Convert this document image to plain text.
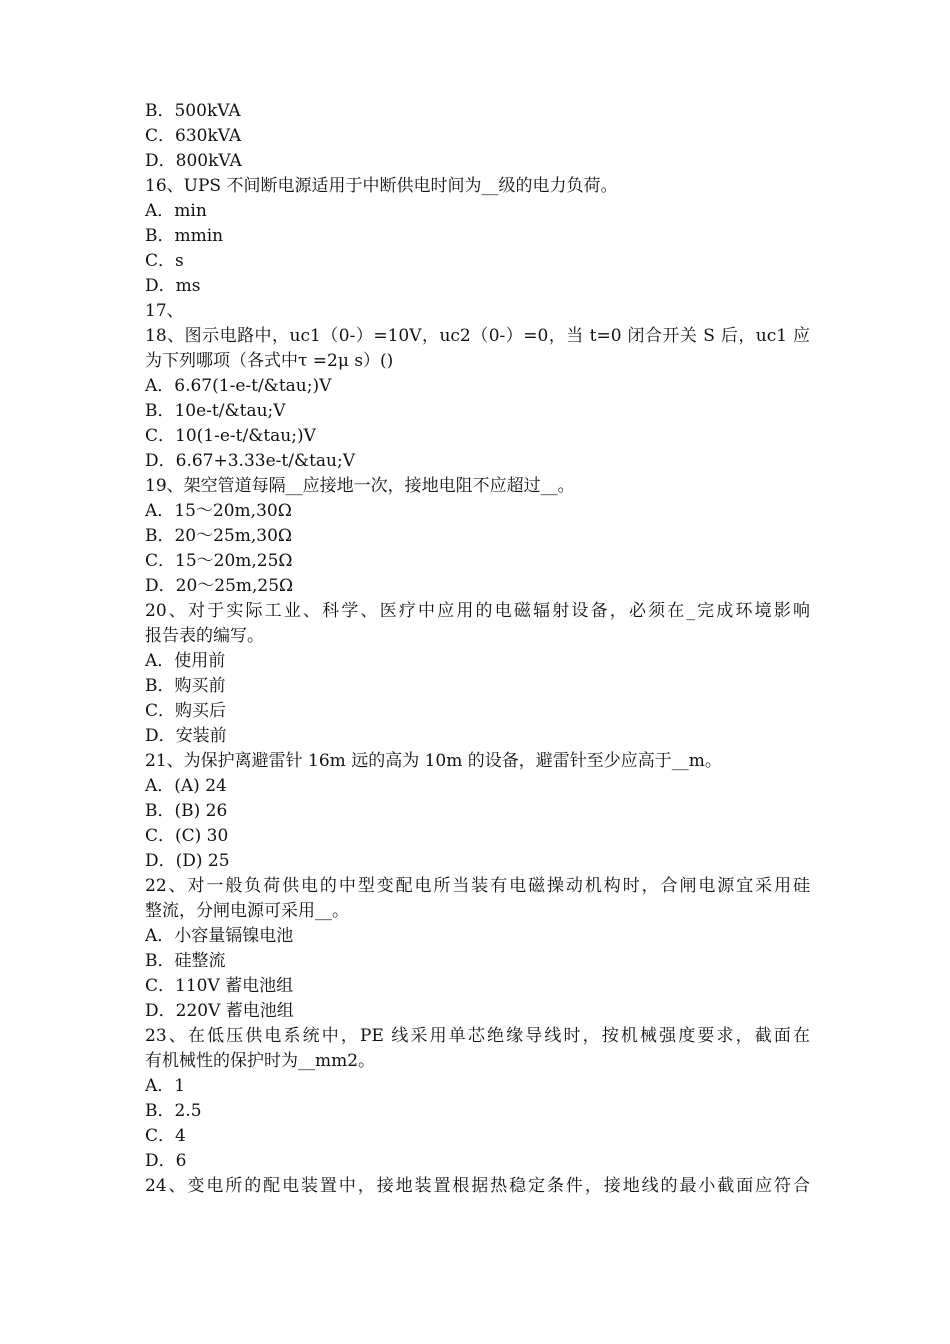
B．500kVA
C．630kVA
D．800kVA
16、UPS 不间断电源适用于中断供电时间为__级的电力负荷。
A．min
B．mmin
C．s
D．ms
17、
18、图示电路中，uc1（0-）=10V，uc2（0-）=0，当 t=0 闭合开关 S 后，uc1 应
为下列哪项（各式中τ =2μ s）()
A．6.67(1-e-t/&tau;)V
B．10e-t/&tau;V
C．10(1-e-t/&tau;)V
D．6.67+3.33e-t/&tau;V
19、架空管道每隔__应接地一次，接地电阻不应超过__。
A．15～20m,30Ω
B．20～25m,30Ω
C．15～20m,25Ω
D．20～25m,25Ω
20、对于实际工业、科学、医疗中应用的电磁辐射设备，必须在_完成环境影响
报告表的编写。
A．使用前
B．购买前
C．购买后
D．安装前
21、为保护离避雷针 16m 远的高为 10m 的设备，避雷针至少应高于__m。
A．(A) 24
B．(B) 26
C．(C) 30
D．(D) 25
22、对一般负荷供电的中型变配电所当装有电磁操动机构时，合闸电源宜采用硅
整流，分闸电源可采用__。
A．小容量镉镍电池
B．硅整流
C．110V 蓄电池组
D．220V 蓄电池组
23、在低压供电系统中，PE 线采用单芯绝缘导线时，按机械强度要求，截面在
有机械性的保护时为__mm2。
A．1
B．2.5
C．4
D．6
24、变电所的配电装置中，接地装置根据热稳定条件，接地线的最小截面应符合
